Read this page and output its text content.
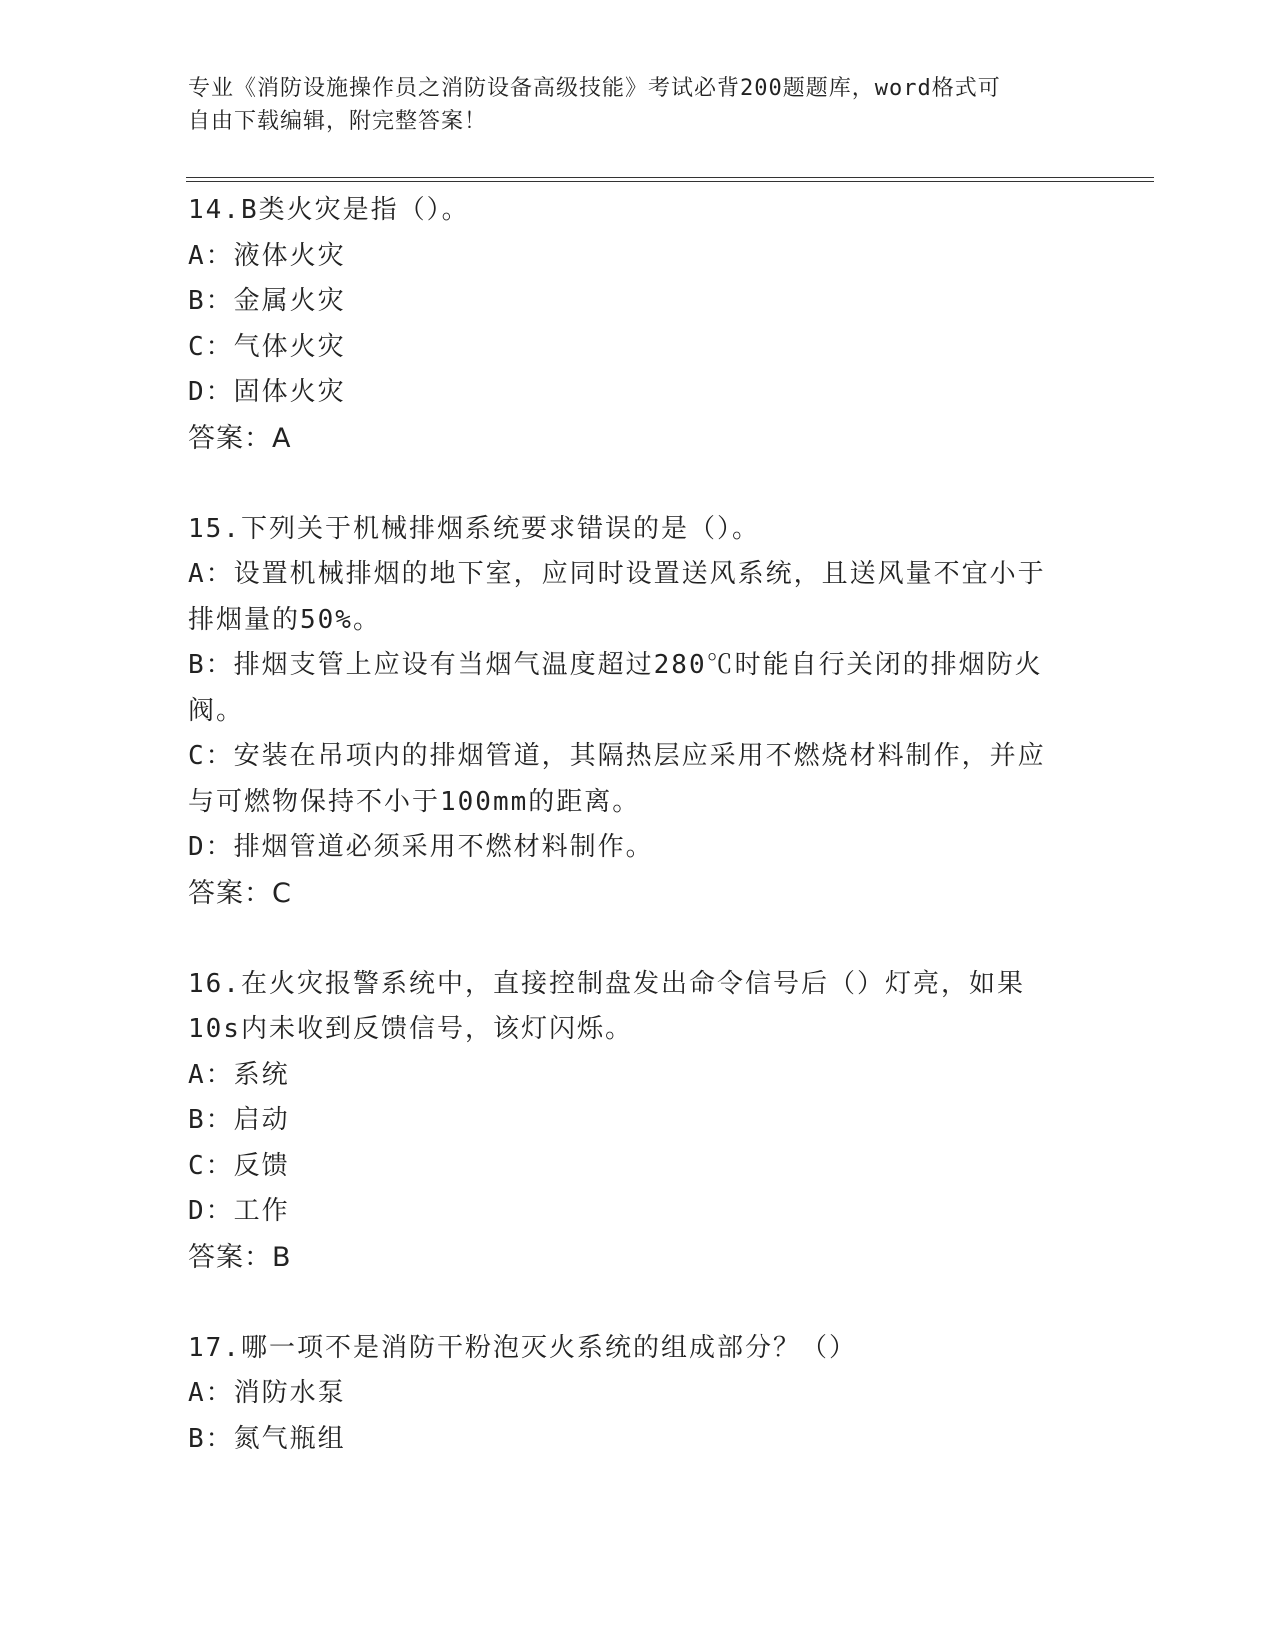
专业《消防设施操作员之消防设备高级技能》考试必背200题题库，word格式可
自由下载编辑，附完整答案！
14.B类火灾是指（）。
A：液体火灾
B：金属火灾
C：气体火灾
D：固体火灾
答案：A
15.下列关于机械排烟系统要求错误的是（）。
A：设置机械排烟的地下室，应同时设置送风系统，且送风量不宜小于
排烟量的50%。
B：排烟支管上应设有当烟气温度超过280℃时能自行关闭的排烟防火
阀。
C：安装在吊项内的排烟管道，其隔热层应采用不燃烧材料制作，并应
与可燃物保持不小于100mm的距离。
D：排烟管道必须采用不燃材料制作。
答案：C
16.在火灾报警系统中，直接控制盘发出命令信号后（）灯亮，如果
10s内未收到反馈信号，该灯闪烁。
A：系统
B：启动
C：反馈
D：工作
答案：B
17.哪一项不是消防干粉泡灭火系统的组成部分？（）
A：消防水泵
B：氮气瓶组
